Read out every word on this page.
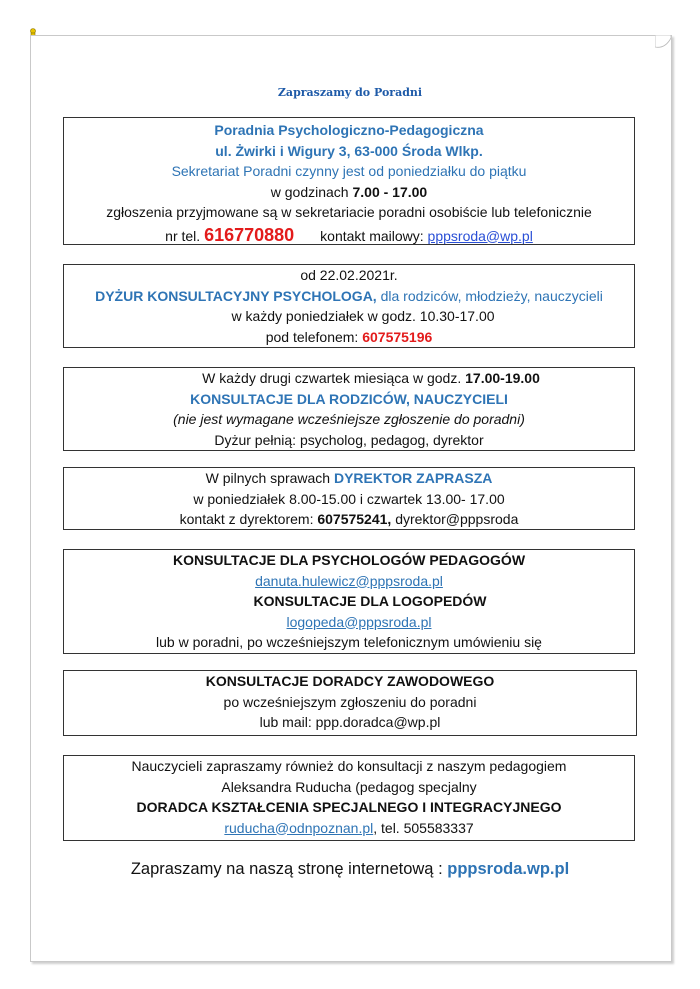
Zapraszamy do Poradni
Poradnia Psychologiczno-Pedagogiczna
ul. Żwirki i Wigury 3, 63-000 Środa Wlkp.
Sekretariat Poradni czynny jest od poniedziałku do piątku
w godzinach 7.00 - 17.00
zgłoszenia przyjmowane są w sekretariacie poradni osobiście lub telefonicznie
nr tel. 616770880 kontakt mailowy: pppsroda@wp.pl
od 22.02.2021r.
DYŻUR KONSULTACYJNY PSYCHOLOGA, dla rodziców, młodzieży, nauczycieli
w każdy poniedziałek w godz. 10.30-17.00
pod telefonem: 607575196
W każdy drugi czwartek miesiąca w godz. 17.00-19.00
KONSULTACJE DLA RODZICÓW, NAUCZYCIELI
(nie jest wymagane wcześniejsze zgłoszenie do poradni)
Dyżur pełnią: psycholog, pedagog, dyrektor
W pilnych sprawach DYREKTOR ZAPRASZA
w poniedziałek 8.00-15.00 i czwartek 13.00- 17.00
kontakt z dyrektorem: 607575241, dyrektor@pppsroda
KONSULTACJE DLA PSYCHOLOGÓW PEDAGOGÓW
danuta.hulewicz@pppsroda.pl
KONSULTACJE DLA LOGOPEDÓW
logopeda@pppsroda.pl
lub w poradni, po wcześniejszym telefonicznym umówieniu się
KONSULTACJE DORADCY ZAWODOWEGO
po wcześniejszym zgłoszeniu do poradni
lub mail: ppp.doradca@wp.pl
Nauczycieli zapraszamy również do konsultacji z naszym pedagogiem
Aleksandra Ruducha (pedagog specjalny
DORADCA KSZTAŁCENIA SPECJALNEGO I INTEGRACYJNEGO
ruducha@odnpoznan.pl, tel. 505583337
Zapraszamy na naszą stronę internetową : pppsroda.wp.pl
